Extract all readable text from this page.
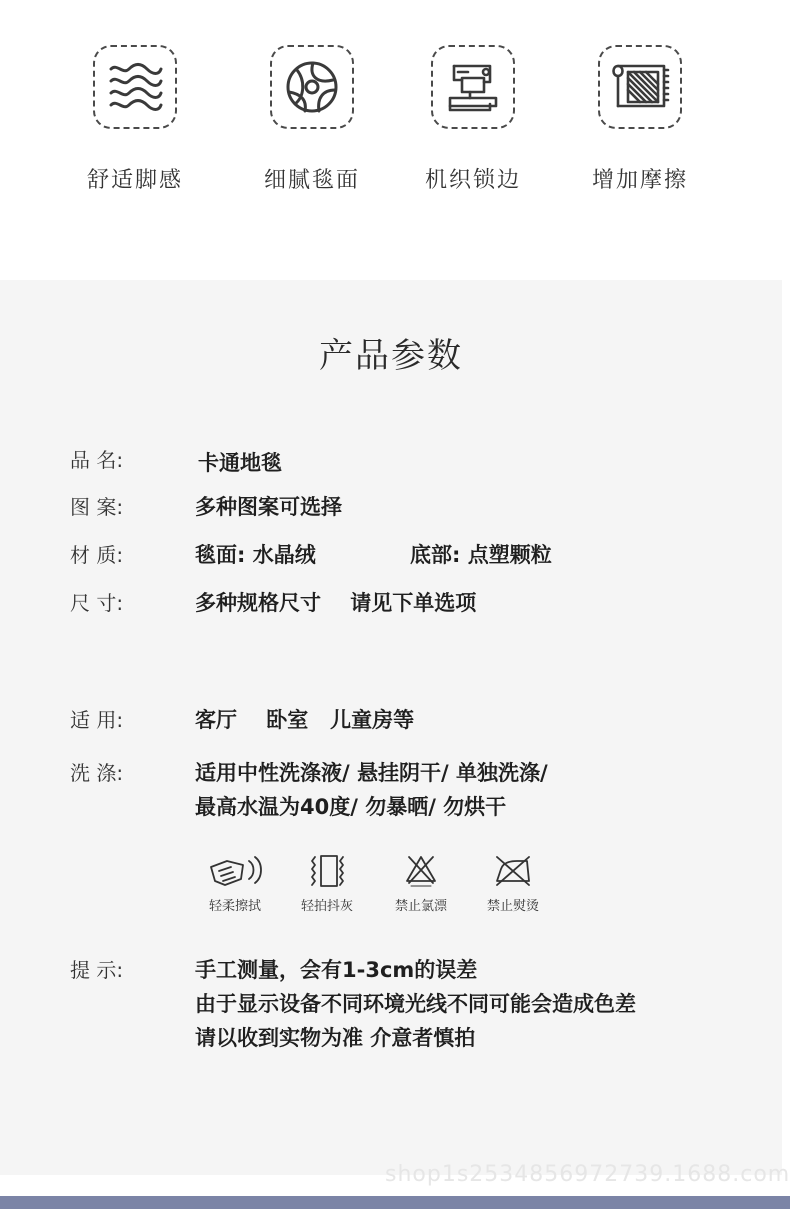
舒适脚感	细腻毯面	机织锁边	增加摩擦
产品参数
品 名:	卡通地毯
图 案:	多种图案可选择
材 质:	毯面: 水晶绒	底部: 点塑颗粒
尺 寸:	多种规格尺寸    请见下单选项
适 用:	客厅    卧室   儿童房等
洗 涤:	适用中性洗涤液/ 悬挂阴干/ 单独洗涤/
最高水温为40度/ 勿暴晒/ 勿烘干
轻柔擦拭	轻拍抖灰	禁止氯漂	禁止熨烫
提 示:	手工测量，会有1-3cm的误差
由于显示设备不同环境光线不同可能会造成色差
请以收到实物为准 介意者慎拍
shop1s2534856972739.1688.com
